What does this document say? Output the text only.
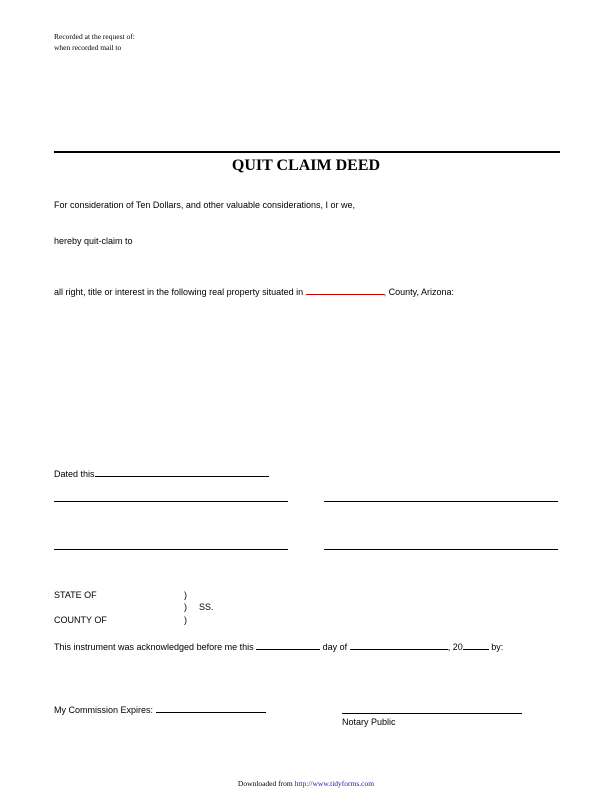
Recorded at the request of:
when recorded mail to
QUIT CLAIM DEED
For consideration of Ten Dollars, and other valuable considerations, I or we,
hereby quit-claim to
all right, title or interest in the following real property situated in	, County, Arizona:
Dated this
STATE OF	)
) SS.
COUNTY OF	)
This instrument was acknowledged before me this	day of	, 20	by:
My Commission Expires:
Notary Public
Downloaded from http://www.tidyforms.com
